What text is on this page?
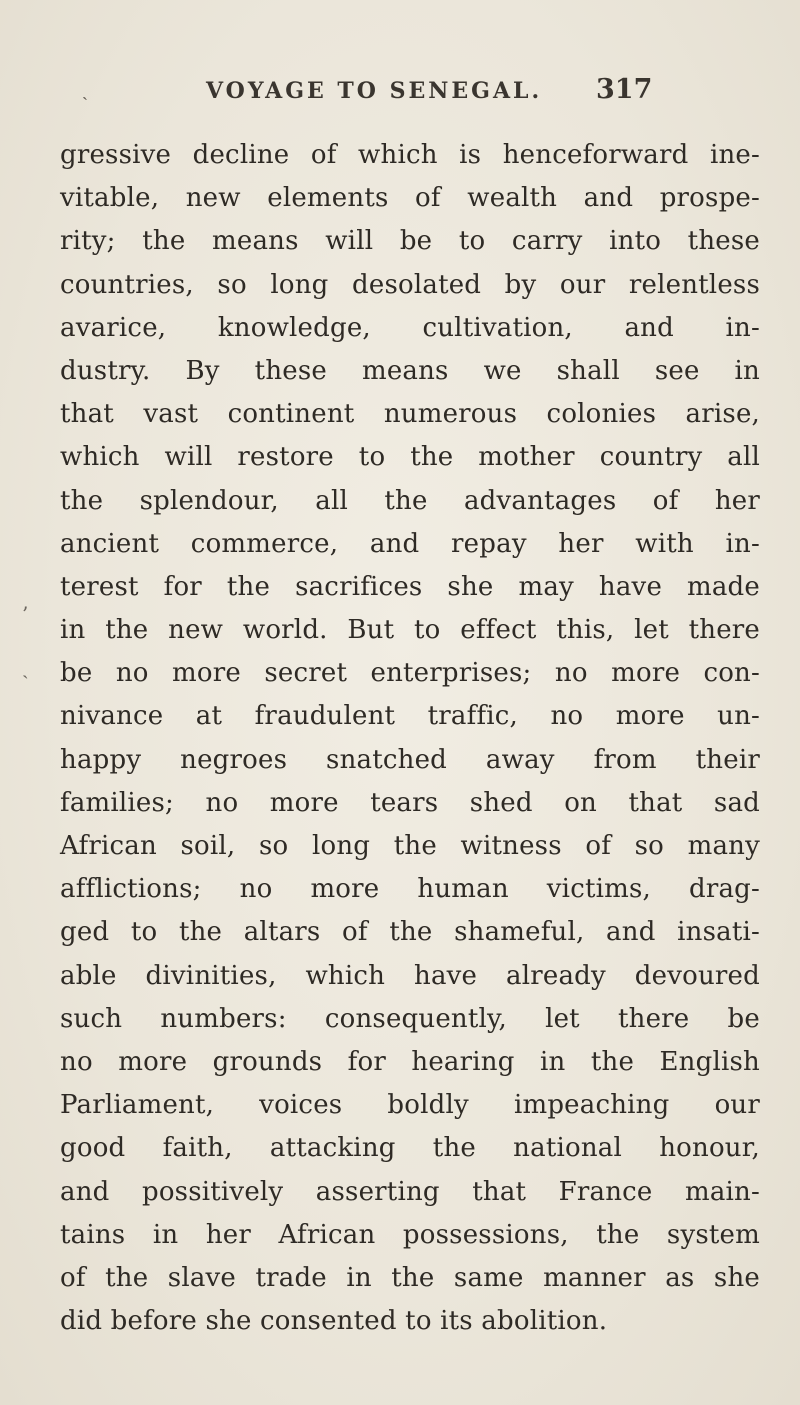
ˎ	VOYAGE TO SENEGAL. 317
’
ˎ
gressive decline of which is henceforward ine-
vitable, new elements of wealth and prospe-
rity; the means will be to carry into these
countries, so long desolated by our relentless
avarice, knowledge, cultivation, and in-
dustry. By these means we shall see in
that vast continent numerous colonies arise,
which will restore to the mother country all
the splendour, all the advantages of her
ancient commerce, and repay her with in-
terest for the sacrifices she may have made
in the new world. But to effect this, let there
be no more secret enterprises; no more con-
nivance at fraudulent traffic, no more un-
happy negroes snatched away from their
families; no more tears shed on that sad
African soil, so long the witness of so many
afflictions; no more human victims, drag-
ged to the altars of the shameful, and insati-
able divinities, which have already devoured
such numbers: consequently, let there be
no more grounds for hearing in the English
Parliament, voices boldly impeaching our
good faith, attacking the national honour,
and possitively asserting that France main-
tains in her African possessions, the system
of the slave trade in the same manner as she
did before she consented to its abolition.
